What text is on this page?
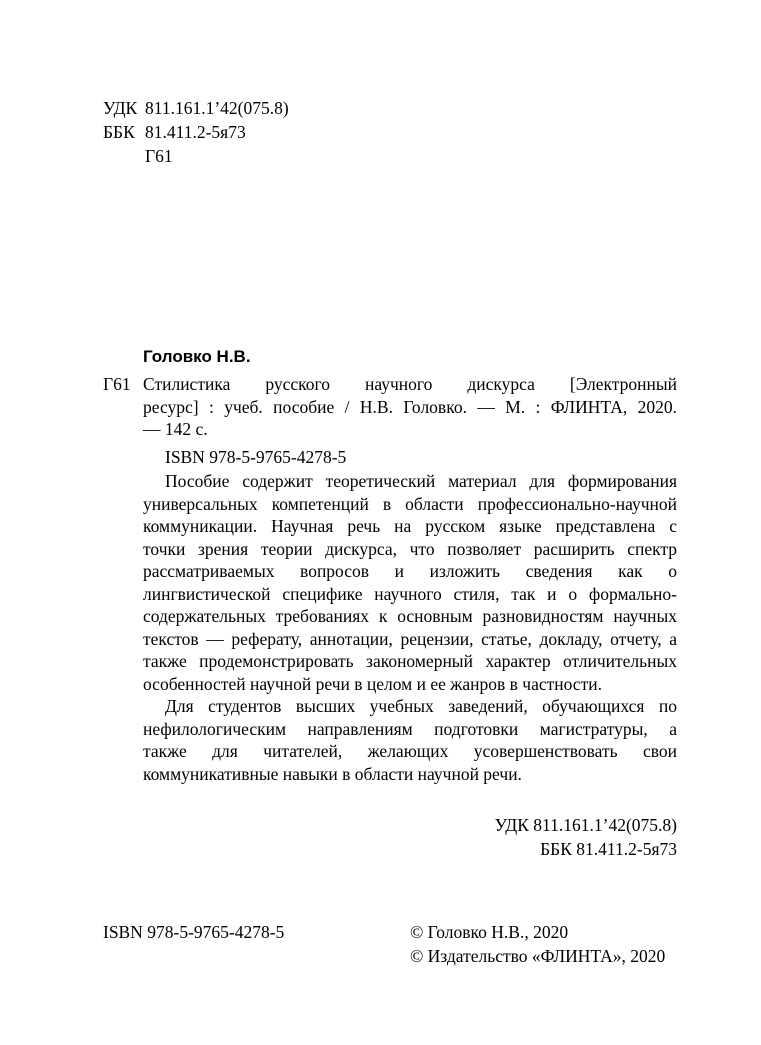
УДК 811.161.1’42(075.8)
ББК 81.411.2-5я73
Г61
Головко Н.В.
Г61 Стилистика русского научного дискурса [Электронный
ресурс] : учеб. пособие / Н.В. Головко. — М. : ФЛИНТА, 2020.
— 142 с.
ISBN 978-5-9765-4278-5
Пособие содержит теоретический материал для формирования
универсальных компетенций в области профессионально-научной
коммуникации. Научная речь на русском языке представлена с
точки зрения теории дискурса, что позволяет расширить спектр
рассматриваемых вопросов и изложить сведения как о
лингвистической специфике научного стиля, так и о формально-
содержательных требованиях к основным разновидностям научных
текстов — реферату, аннотации, рецензии, статье, докладу, отчету, а
также продемонстрировать закономерный характер отличительных
особенностей научной речи в целом и ее жанров в частности.
Для студентов высших учебных заведений, обучающихся по
нефилологическим направлениям подготовки магистратуры, а
также для читателей, желающих усовершенствовать свои
коммуникативные навыки в области научной речи.
УДК 811.161.1’42(075.8)
ББК 81.411.2-5я73
ISBN 978-5-9765-4278-5	© Головко Н.В., 2020
© Издательство «ФЛИНТА», 2020
